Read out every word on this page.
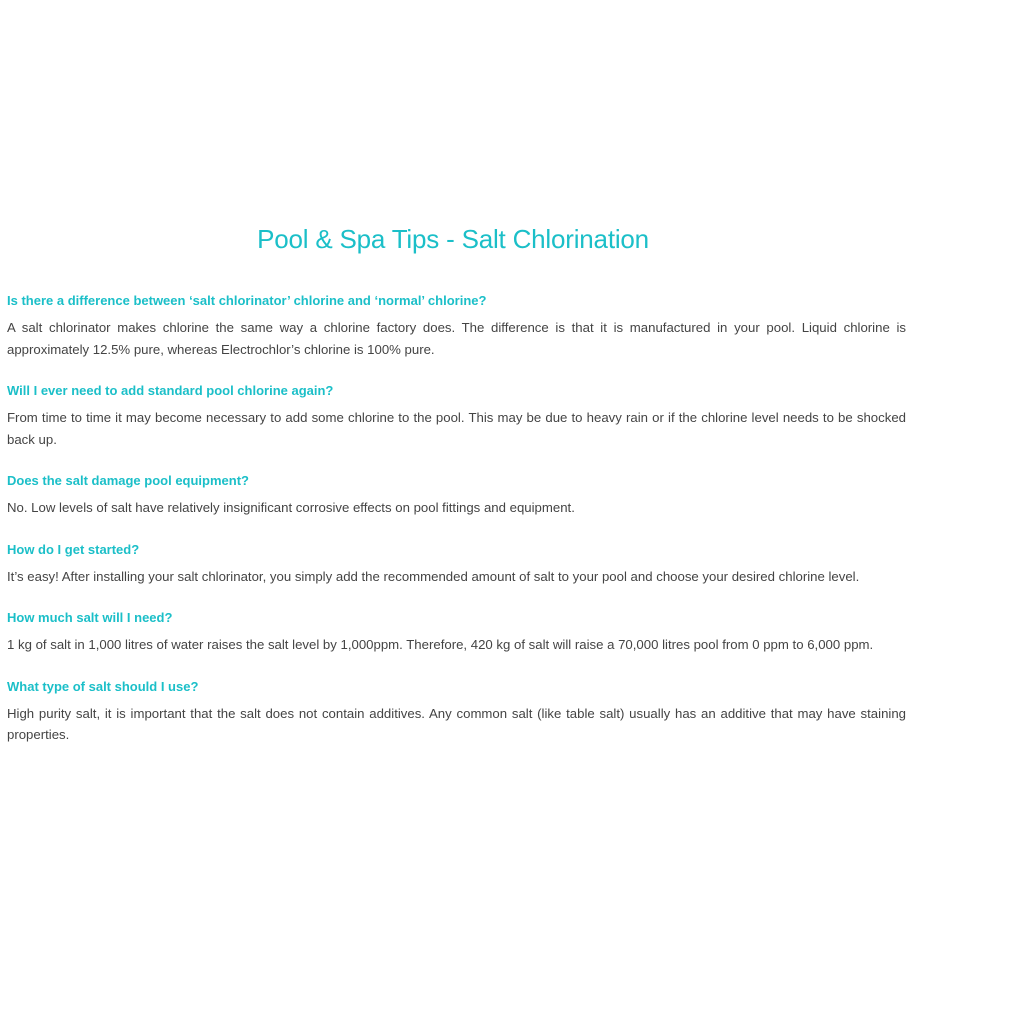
Pool & Spa Tips - Salt Chlorination
Is there a difference between ‘salt chlorinator’ chlorine and ‘normal’ chlorine?

A salt chlorinator makes chlorine the same way a chlorine factory does. The difference is that it is manufactured in your pool. Liquid chlorine is approximately 12.5% pure, whereas Electrochlor’s chlorine is 100% pure.

Will I ever need to add standard pool chlorine again?

From time to time it may become necessary to add some chlorine to the pool. This may be due to heavy rain or if the chlorine level needs to be shocked back up.

Does the salt damage pool equipment?

No. Low levels of salt have relatively insignificant corrosive effects on pool fittings and equipment.

How do I get started?

It’s easy! After installing your salt chlorinator, you simply add the recommended amount of salt to your pool and choose your desired chlorine level.

How much salt will I need?

1 kg of salt in 1,000 litres of water raises the salt level by 1,000ppm. Therefore, 420 kg of salt will raise a 70,000 litres pool from 0 ppm to 6,000 ppm.

What type of salt should I use?

High purity salt, it is important that the salt does not contain additives. Any common salt (like table salt) usually has an additive that may have staining properties.
